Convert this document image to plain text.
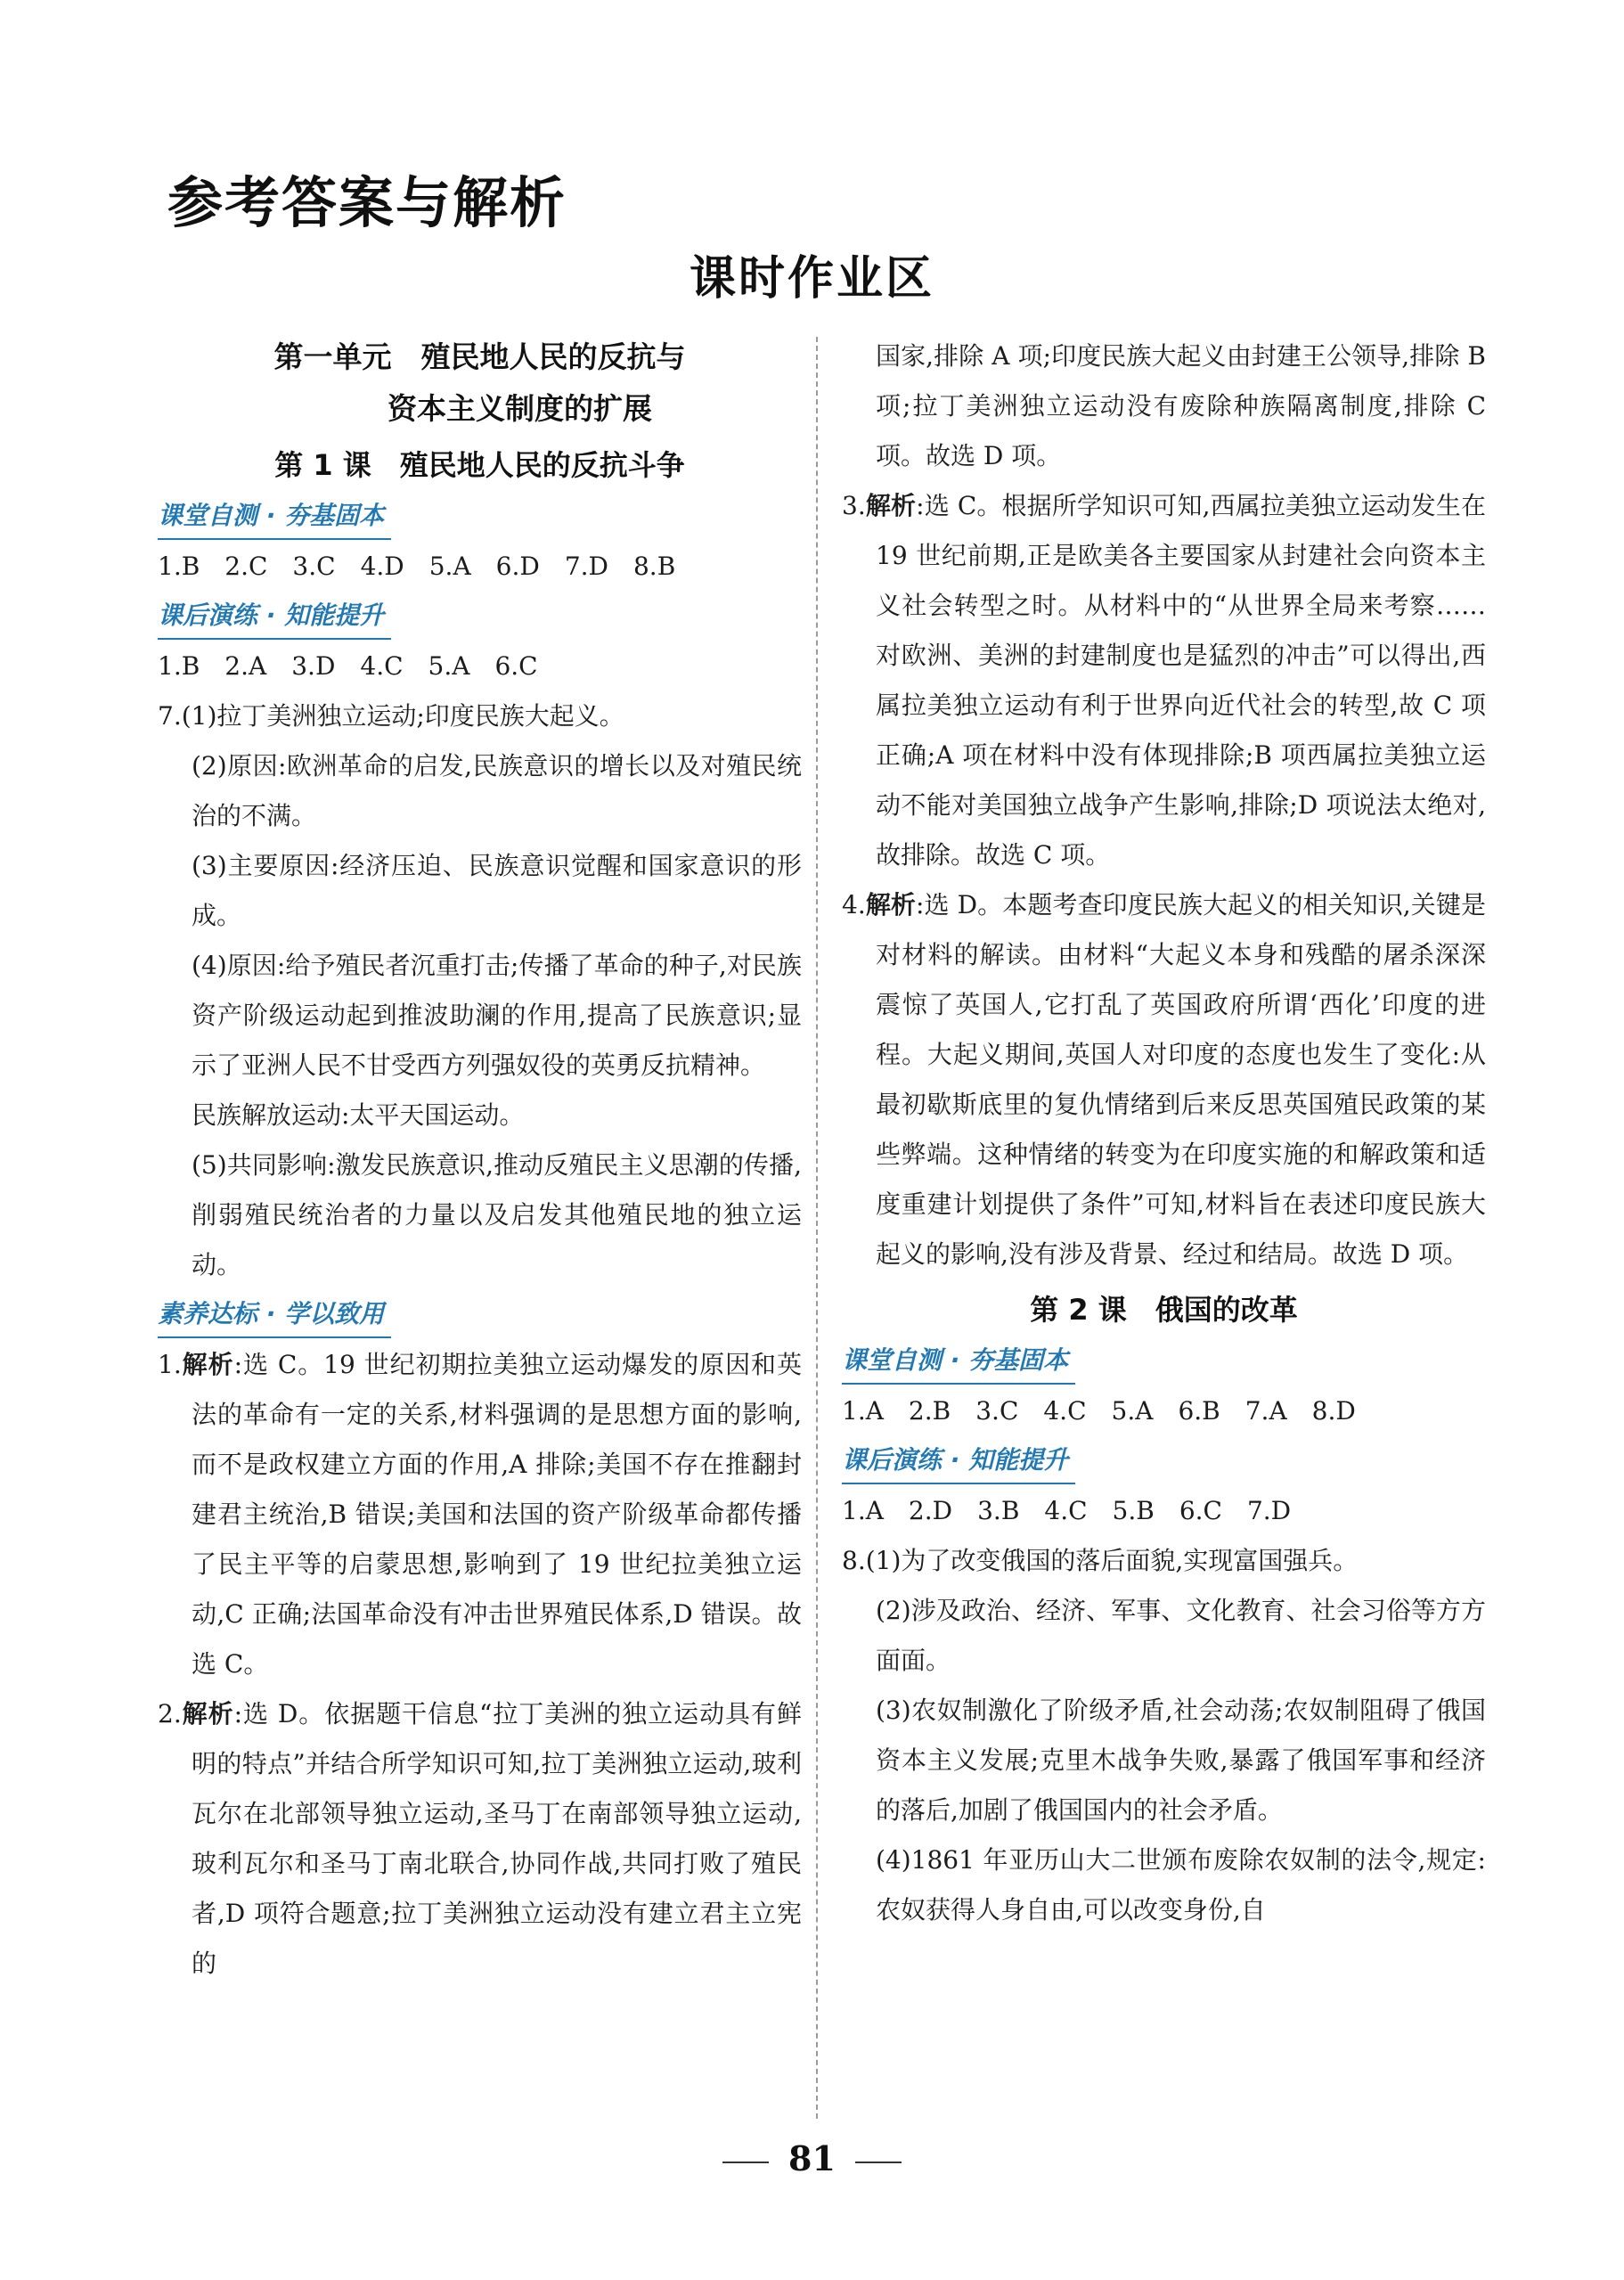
参考答案与解析
课时作业区
第一单元　殖民地人民的反抗与
资本主义制度的扩展
第 1 课　殖民地人民的反抗斗争
课堂自测 · 夯基固本

1.B　2.C　3.C　4.D　5.A　6.D　7.D　8.B

课后演练 · 知能提升

1.B　2.A　3.D　4.C　5.A　6.C

7.(1)拉丁美洲独立运动;印度民族大起义。

(2)原因:欧洲革命的启发,民族意识的增长以及对殖民统治的不满。

(3)主要原因:经济压迫、民族意识觉醒和国家意识的形成。

(4)原因:给予殖民者沉重打击;传播了革命的种子,对民族资产阶级运动起到推波助澜的作用,提高了民族意识;显示了亚洲人民不甘受西方列强奴役的英勇反抗精神。

民族解放运动:太平天国运动。

(5)共同影响:激发民族意识,推动反殖民主义思潮的传播,削弱殖民统治者的力量以及启发其他殖民地的独立运动。

素养达标 · 学以致用

1.解析:选 C。19 世纪初期拉美独立运动爆发的原因和英法的革命有一定的关系,材料强调的是思想方面的影响,而不是政权建立方面的作用,A 排除;美国不存在推翻封建君主统治,B 错误;美国和法国的资产阶级革命都传播了民主平等的启蒙思想,影响到了 19 世纪拉美独立运动,C 正确;法国革命没有冲击世界殖民体系,D 错误。故选 C。

2.解析:选 D。依据题干信息“拉丁美洲的独立运动具有鲜明的特点”并结合所学知识可知,拉丁美洲独立运动,玻利瓦尔在北部领导独立运动,圣马丁在南部领导独立运动,玻利瓦尔和圣马丁南北联合,协同作战,共同打败了殖民者,D 项符合题意;拉丁美洲独立运动没有建立君主立宪的

国家,排除 A 项;印度民族大起义由封建王公领导,排除 B 项;拉丁美洲独立运动没有废除种族隔离制度,排除 C 项。故选 D 项。

3.解析:选 C。根据所学知识可知,西属拉美独立运动发生在 19 世纪前期,正是欧美各主要国家从封建社会向资本主义社会转型之时。从材料中的“从世界全局来考察……对欧洲、美洲的封建制度也是猛烈的冲击”可以得出,西属拉美独立运动有利于世界向近代社会的转型,故 C 项正确;A 项在材料中没有体现排除;B 项西属拉美独立运动不能对美国独立战争产生影响,排除;D 项说法太绝对,故排除。故选 C 项。

4.解析:选 D。本题考查印度民族大起义的相关知识,关键是对材料的解读。由材料“大起义本身和残酷的屠杀深深震惊了英国人,它打乱了英国政府所谓‘西化’印度的进程。大起义期间,英国人对印度的态度也发生了变化:从最初歇斯底里的复仇情绪到后来反思英国殖民政策的某些弊端。这种情绪的转变为在印度实施的和解政策和适度重建计划提供了条件”可知,材料旨在表述印度民族大起义的影响,没有涉及背景、经过和结局。故选 D 项。

第 2 课　俄国的改革
课堂自测 · 夯基固本

1.A　2.B　3.C　4.C　5.A　6.B　7.A　8.D

课后演练 · 知能提升

1.A　2.D　3.B　4.C　5.B　6.C　7.D

8.(1)为了改变俄国的落后面貌,实现富国强兵。

(2)涉及政治、经济、军事、文化教育、社会习俗等方方面面。

(3)农奴制激化了阶级矛盾,社会动荡;农奴制阻碍了俄国资本主义发展;克里木战争失败,暴露了俄国军事和经济的落后,加剧了俄国国内的社会矛盾。

(4)1861 年亚历山大二世颁布废除农奴制的法令,规定:农奴获得人身自由,可以改变身份,自

81
